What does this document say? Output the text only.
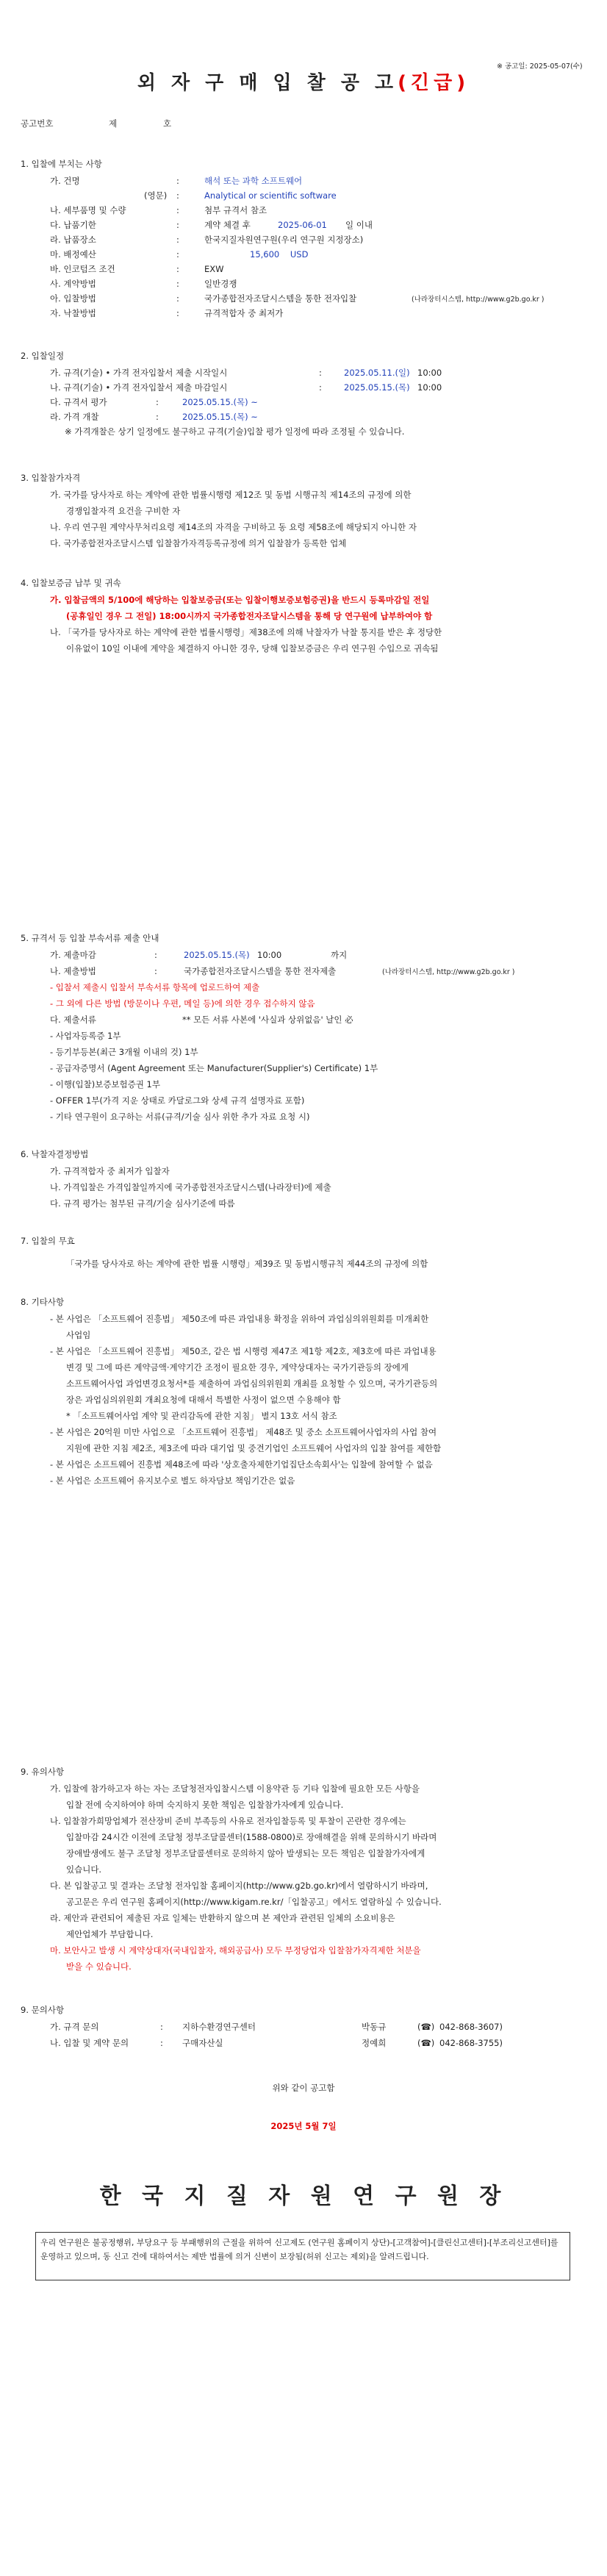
※ 공고일: 2025-05-07(수)
외 자 구 매 입 찰 공 고(긴급)
공고번호	제	호
1. 입찰에 부치는 사항
가. 건명	:	해석 또는 과학 소프트웨어
(영문) :	Analytical or scientific software
나. 세부품명 및 수량	:	첨부 규격서 참조
다. 납품기한	:	계약 체결 후	2025-06-01 일 이내
라. 납품장소	:	한국지질자원연구원(우리 연구원 지정장소)
마. 배정예산	:	15,600    USD
바. 인코텀즈 조건	:	EXW
사. 계약방법	:	일반경쟁
아. 입찰방법	:	국가종합전자조달시스템을 통한 전자입찰	(나라장터시스템, http://www.g2b.go.kr )
자. 낙찰방법	:	규격적합자 중 최저가
2. 입찰일정
가. 규격(기술) • 가격 전자입찰서 제출 시작일시	:	2025.05.11.(일) 10:00
나. 규격(기술) • 가격 전자입찰서 제출 마감일시	:	2025.05.15.(목) 10:00
다. 규격서 평가	:	2025.05.15.(목) ~
라. 가격 개찰	:	2025.05.15.(목) ~
※ 가격개찰은 상기 일정에도 불구하고 규격(기술)입찰 평가 일정에 따라 조정될 수 있습니다.
3. 입찰참가자격
가. 국가를 당사자로 하는 계약에 관한 법률시행령 제12조 및 동법 시행규칙 제14조의 규정에 의한
경쟁입찰자격 요건을 구비한 자
나. 우리 연구원 계약사무처리요령 제14조의 자격을 구비하고 동 요령 제58조에 해당되지 아니한 자
다. 국가종합전자조달시스템 입찰참가자격등록규정에 의거 입찰참가 등록한 업체
4. 입찰보증금 납부 및 귀속
가. 입찰금액의 5/100에 해당하는 입찰보증금(또는 입찰이행보증보험증권)을 반드시 등록마감일 전일
(공휴일인 경우 그 전일) 18:00시까지 국가종합전자조달시스템을 통해 당 연구원에 납부하여야 함
나. 「국가를 당사자로 하는 계약에 관한 법률시행령」제38조에 의해 낙찰자가 낙찰 통지를 받은 후 정당한
이유없이 10일 이내에 계약을 체결하지 아니한 경우, 당해 입찰보증금은 우리 연구원 수입으로 귀속됨
5. 규격서 등 입찰 부속서류 제출 안내
가. 제출마감	:	2025.05.15.(목) 10:00	까지
나. 제출방법	:	국가종합전자조달시스템을 통한 전자제출	(나라장터시스템, http://www.g2b.go.kr )
- 입찰서 제출시 입찰서 부속서류 항목에 업로드하여 제출
- 그 외에 다른 방법 (방문이나 우편, 메일 등)에 의한 경우 접수하지 않음
다. 제출서류	** 모든 서류 사본에 '사실과 상위없음' 날인 必
- 사업자등록증 1부
- 등기부등본(최근 3개월 이내의 것) 1부
- 공급자증명서 (Agent Agreement 또는 Manufacturer(Supplier's) Certificate) 1부
- 이행(입찰)보증보험증권 1부
- OFFER 1부(가격 지운 상태로 카달로그와 상세 규격 설명자료 포함)
- 기타 연구원이 요구하는 서류(규격/기술 심사 위한 추가 자료 요청 시)
6. 낙찰자결정방법
가. 규격적합자 중 최저가 입찰자
나. 가격입찰은 가격입찰일까지에 국가종합전자조달시스템(나라장터)에 제출
다. 규격 평가는 첨부된 규격/기술 심사기준에 따름
7. 입찰의 무효
「국가를 당사자로 하는 계약에 관한 법률 시행령」제39조 및 동법시행규칙 제44조의 규정에 의함
8. 기타사항
- 본 사업은 「소프트웨어 진흥법」 제50조에 따른 과업내용 확정을 위하여 과업심의위원회를 미개최한
사업임
- 본 사업은 「소프트웨어 진흥법」 제50조, 같은 법 시행령 제47조 제1항 제2호, 제3호에 따른 과업내용
변경 및 그에 따른 계약금액·계약기간 조정이 필요한 경우, 계약상대자는 국가기관등의 장에게
소프트웨어사업 과업변경요청서*를 제출하여 과업심의위원회 개최를 요청할 수 있으며, 국가기관등의
장은 과업심의위원회 개최요청에 대해서 특별한 사정이 없으면 수용해야 함
* 「소프트웨어사업 계약 및 관리감독에 관한 지침」 별지 13호 서식 참조
- 본 사업은 20억원 미만 사업으로 「소프트웨어 진흥법」 제48조 및 중소 소프트웨어사업자의 사업 참여
지원에 관한 지침 제2조, 제3조에 따라 대기업 및 중견기업인 소프트웨어 사업자의 입찰 참여를 제한함
- 본 사업은 소프트웨어 진흥법 제48조에 따라 '상호출자제한기업집단소속회사'는 입찰에 참여할 수 없음
- 본 사업은 소프트웨어 유지보수로 별도 하자담보 책임기간은 없음
9. 유의사항
가. 입찰에 참가하고자 하는 자는 조달청전자입찰시스템 이용약관 등 기타 입찰에 필요한 모든 사항을
입찰 전에 숙지하여야 하며 숙지하지 못한 책임은 입찰참가자에게 있습니다.
나. 입찰참가희망업체가 전산장비 준비 부족등의 사유로 전자입찰등록 및 투찰이 곤란한 경우에는
입찰마감 24시간 이전에 조달청 정부조달콜센터(1588-0800)로 장애해결을 위해 문의하시기 바라며
장애발생에도 불구 조달청 정부조달콜센터로 문의하지 않아 발생되는 모든 책임은 입찰참가자에게
있습니다.
다. 본 입찰공고 및 결과는 조달청 전자입찰 홈페이지(http://www.g2b.go.kr)에서 열람하시기 바라며,
공고문은 우리 연구원 홈페이지(http://www.kigam.re.kr/「입찰공고」에서도 열람하실 수 있습니다.
라. 제안과 관련되어 제출된 자료 일체는 반환하지 않으며 본 제안과 관련된 일체의 소요비용은
제안업체가 부담합니다.
마. 보안사고 발생 시 계약상대자(국내입찰자, 해외공급사) 모두 부정당업자 입찰참가자격제한 처분을
받을 수 있습니다.
9. 문의사항
가. 규격 문의	: 지하수환경연구센터	박동규	(☎) 042-868-3607)
나. 입찰 및 계약 문의	: 구매자산실	정예희	(☎) 042-868-3755)
위와 같이 공고함
2025년 5월 7일
한 국 지 질 자 원 연 구 원 장
우리 연구원은 불공정행위, 부당요구 등 부패행위의 근절을 위하여 신고제도 (연구원 홈페이지 상단)-[고객참여]-[클린신고센터]-[부조리신고센터]를 운영하고 있으며, 동 신고 건에 대하여서는 제반 법률에 의거 신변이 보장됨(허위 신고는 제외)을 알려드립니다.
